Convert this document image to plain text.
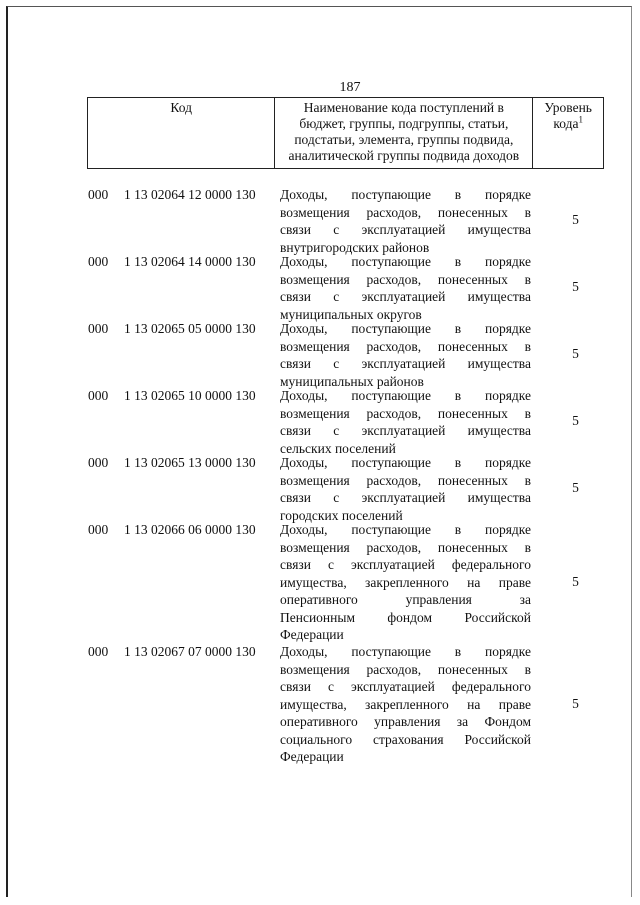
187
Код	Наименование кода поступлений в
бюджет, группы, подгруппы, статьи,
подстатьи, элемента, группы подвида,
аналитической группы подвида доходов

Уровень
кода$^1$
000	1 13 02064 12 0000 130	Доходы, поступающие в порядке
возмещения расходов, понесенных в
связи с эксплуатацией имущества
внутригородских районов
5
000	1 13 02064 14 0000 130	Доходы, поступающие в порядке
возмещения расходов, понесенных в
связи с эксплуатацией имущества
муниципальных округов
5
000	1 13 02065 05 0000 130	Доходы, поступающие в порядке
возмещения расходов, понесенных в
связи с эксплуатацией имущества
муниципальных районов
5
000	1 13 02065 10 0000 130	Доходы, поступающие в порядке
возмещения расходов, понесенных в
связи с эксплуатацией имущества
сельских поселений
5
000	1 13 02065 13 0000 130	Доходы, поступающие в порядке
возмещения расходов, понесенных в
связи с эксплуатацией имущества
городских поселений
5
000	1 13 02066 06 0000 130	Доходы, поступающие в порядке
возмещения расходов, понесенных в
связи с эксплуатацией федерального
имущества, закрепленного на праве
оперативного управления за
Пенсионным фондом Российской
Федерации
5
000	1 13 02067 07 0000 130	Доходы, поступающие в порядке
возмещения расходов, понесенных в
связи с эксплуатацией федерального
имущества, закрепленного на праве
оперативного управления за Фондом
социального страхования Российской
Федерации
5
